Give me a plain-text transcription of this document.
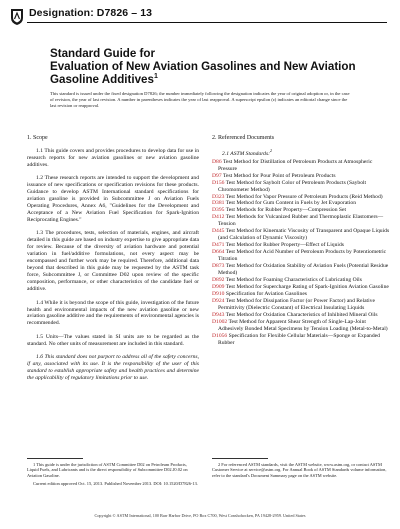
Designation: D7826 – 13
Standard Guide for
Evaluation of New Aviation Gasolines and New Aviation Gasoline Additives$^1$
This standard is issued under the fixed designation D7826; the number immediately following the designation indicates the year of original adoption or, in the case of revision, the year of last revision. A number in parentheses indicates the year of last reapproval. A superscript epsilon (ε) indicates an editorial change since the last revision or reapproval.
1. Scope

1.1 This guide covers and provides procedures to develop data for use in research reports for new aviation gasolines or new aviation gasoline additives.

1.2 These research reports are intended to support the development and issuance of new specifications or specification revisions for these products. Guidance to develop ASTM International standard specifications for aviation gasoline is provided in Subcommittee J on Aviation Fuels Operating Procedures, Annex A6, "Guidelines for the Development and Acceptance of a New Aviation Fuel Specification for Spark-Ignition Reciprocating Engines."

1.3 The procedures, tests, selection of materials, engines, and aircraft detailed in this guide are based on industry expertise to give appropriate data for review. Because of the diversity of aviation hardware and potential variation in fuel/additive formulations, not every aspect may be encompassed and further work may be required. Therefore, additional data beyond that described in this guide may be requested by the ASTM task force, Subcommittee J, or Committee D02 upon review of the specific composition, performance, or other characteristics of the candidate fuel or additive.

1.4 While it is beyond the scope of this guide, investigation of the future health and environmental impacts of the new aviation gasoline or new aviation gasoline additive and the requirements of environmental agencies is recommended.

1.5 Units—The values stated in SI units are to be regarded as the standard. No other units of measurement are included in this standard.

1.6 This standard does not purport to address all of the safety concerns, if any, associated with its use. It is the responsibility of the user of this standard to establish appropriate safety and health practices and determine the applicability of regulatory limitations prior to use.

2. Referenced Documents
2.1 ASTM Standards:$^2$

D86 Test Method for Distillation of Petroleum Products at Atmospheric Pressure

D97 Test Method for Pour Point of Petroleum Products

D156 Test Method for Saybolt Color of Petroleum Products (Saybolt Chromometer Method)

D323 Test Method for Vapor Pressure of Petroleum Products (Reid Method)

D381 Test Method for Gum Content in Fuels by Jet Evaporation

D395 Test Methods for Rubber Property—Compression Set

D412 Test Methods for Vulcanized Rubber and Thermoplastic Elastomers—Tension

D445 Test Method for Kinematic Viscosity of Transparent and Opaque Liquids (and Calculation of Dynamic Viscosity)

D471 Test Method for Rubber Property—Effect of Liquids

D664 Test Method for Acid Number of Petroleum Products by Potentiometric Titration

D873 Test Method for Oxidation Stability of Aviation Fuels (Potential Residue Method)

D892 Test Method for Foaming Characteristics of Lubricating Oils

D909 Test Method for Supercharge Rating of Spark-Ignition Aviation Gasoline

D910 Specification for Aviation Gasolines

D924 Test Method for Dissipation Factor (or Power Factor) and Relative Permittivity (Dielectric Constant) of Electrical Insulating Liquids

D943 Test Method for Oxidation Characteristics of Inhibited Mineral Oils

D1002 Test Method for Apparent Shear Strength of Single-Lap-Joint Adhesively Bonded Metal Specimens by Tension Loading (Metal-to-Metal)

D1056 Specification for Flexible Cellular Materials—Sponge or Expanded Rubber

1 This guide is under the jurisdiction of ASTM Committee D02 on Petroleum Products, Liquid Fuels, and Lubricants and is the direct responsibility of Subcommittee D02.J0.02 on Aviation Gasoline.

Current edition approved Oct. 15, 2013. Published November 2013. DOI: 10.1520/D7826-13.

2 For referenced ASTM standards, visit the ASTM website, www.astm.org, or contact ASTM Customer Service at service@astm.org. For Annual Book of ASTM Standards volume information, refer to the standard's Document Summary page on the ASTM website.

Copyright © ASTM International, 100 Barr Harbor Drive, PO Box C700, West Conshohocken, PA 19428-2959. United States
